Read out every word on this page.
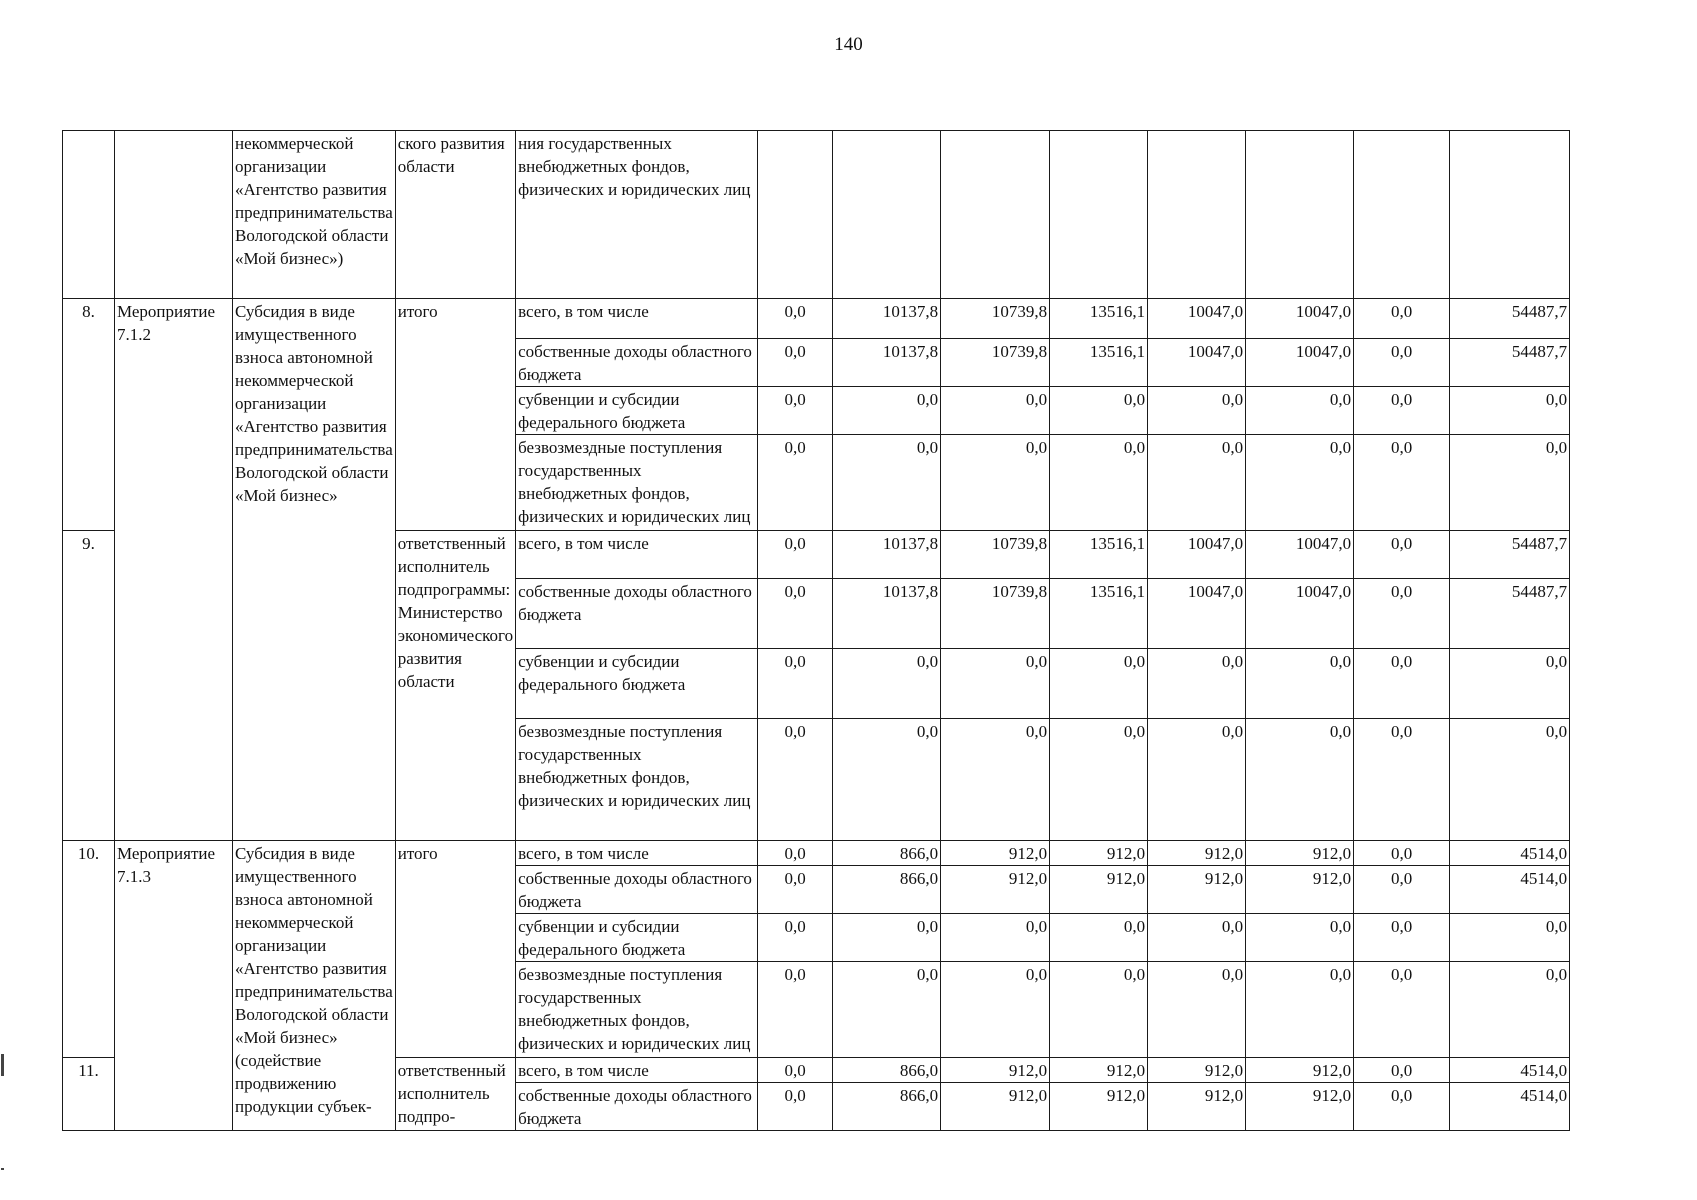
140
		некоммерческой организации «Агентство развития предпринимательства Вологодской области «Мой бизнес»)	ского развития области	ния государственных внебюджетных фондов, физических и юридических лиц								
8.	Мероприятие 7.1.2	Субсидия в виде имущественного взноса автономной некоммерческой организации «Агентство развития предпринимательства Вологодской области «Мой бизнес»	итого	всего, в том числе	0,0	10137,8	10739,8	13516,1	10047,0	10047,0	0,0	54487,7
				собственные доходы областного бюджета	0,0	10137,8	10739,8	13516,1	10047,0	10047,0	0,0	54487,7
				субвенции и субсидии федерального бюджета	0,0	0,0	0,0	0,0	0,0	0,0	0,0	0,0
				безвозмездные поступления государственных внебюджетных фондов, физических и юридических лиц	0,0	0,0	0,0	0,0	0,0	0,0	0,0	0,0
9.			ответственный исполнитель подпрограммы: Министерство экономического развития области	всего, в том числе	0,0	10137,8	10739,8	13516,1	10047,0	10047,0	0,0	54487,7
				собственные доходы областного бюджета	0,0	10137,8	10739,8	13516,1	10047,0	10047,0	0,0	54487,7
				субвенции и субсидии федерального бюджета	0,0	0,0	0,0	0,0	0,0	0,0	0,0	0,0
				безвозмездные поступления государственных внебюджетных фондов, физических и юридических лиц	0,0	0,0	0,0	0,0	0,0	0,0	0,0	0,0
10.	Мероприятие 7.1.3	Субсидия в виде имущественного взноса автономной некоммерческой организации «Агентство развития предпринимательства Вологодской области «Мой бизнес» (содействие продвижению продукции субъек-	итого	всего, в том числе	0,0	866,0	912,0	912,0	912,0	912,0	0,0	4514,0
				собственные доходы областного бюджета	0,0	866,0	912,0	912,0	912,0	912,0	0,0	4514,0
				субвенции и субсидии федерального бюджета	0,0	0,0	0,0	0,0	0,0	0,0	0,0	0,0
				безвозмездные поступления государственных внебюджетных фондов, физических и юридических лиц	0,0	0,0	0,0	0,0	0,0	0,0	0,0	0,0
11.			ответственный исполнитель подпро-	всего, в том числе	0,0	866,0	912,0	912,0	912,0	912,0	0,0	4514,0
				собственные доходы областного бюджета	0,0	866,0	912,0	912,0	912,0	912,0	0,0	4514,0
